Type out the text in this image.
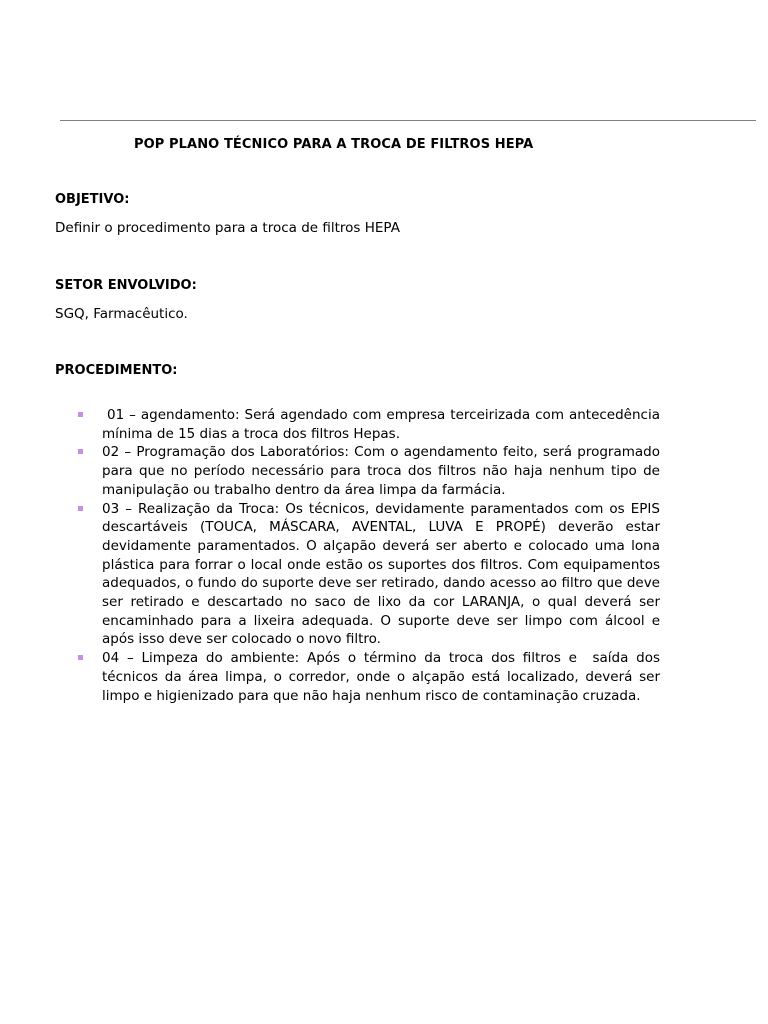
POP PLANO TÉCNICO PARA A TROCA DE FILTROS HEPA
OBJETIVO:
Definir o procedimento para a troca de filtros HEPA
SETOR ENVOLVIDO:
SGQ, Farmacêutico.
PROCEDIMENTO:
01 – agendamento: Será agendado com empresa terceirizada com antecedência mínima de 15 dias a troca dos filtros Hepas.
02 – Programação dos Laboratórios: Com o agendamento feito, será programado para que no período necessário para troca dos filtros não haja nenhum tipo de manipulação ou trabalho dentro da área limpa da farmácia.
03 – Realização da Troca: Os técnicos, devidamente paramentados com os EPIS descartáveis (TOUCA, MÁSCARA, AVENTAL, LUVA E PROPÉ) deverão estar devidamente paramentados. O alçapão deverá ser aberto e colocado uma lona plástica para forrar o local onde estão os suportes dos filtros. Com equipamentos adequados, o fundo do suporte deve ser retirado, dando acesso ao filtro que deve ser retirado e descartado no saco de lixo da cor LARANJA, o qual deverá ser encaminhado para a lixeira adequada. O suporte deve ser limpo com álcool e após isso deve ser colocado o novo filtro.
04 – Limpeza do ambiente: Após o término da troca dos filtros e  saída dos técnicos da área limpa, o corredor, onde o alçapão está localizado, deverá ser limpo e higienizado para que não haja nenhum risco de contaminação cruzada.
